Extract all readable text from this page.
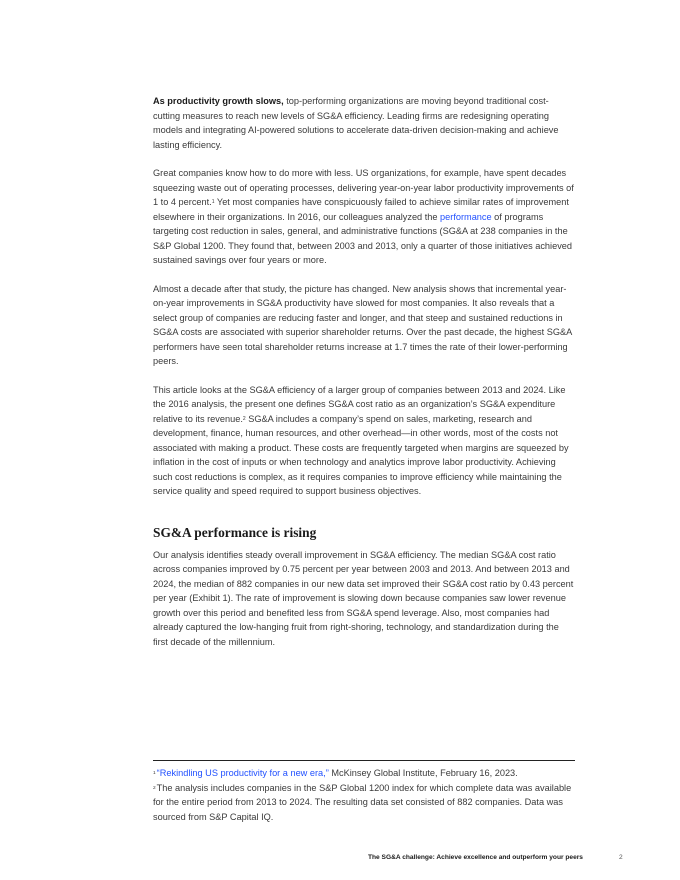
As productivity growth slows, top-performing organizations are moving beyond traditional cost-cutting measures to reach new levels of SG&A efficiency. Leading firms are redesigning operating models and integrating AI-powered solutions to accelerate data-driven decision-making and achieve lasting efficiency.

Great companies know how to do more with less. US organizations, for example, have spent decades squeezing waste out of operating processes, delivering year-on-year labor productivity improvements of 1 to 4 percent.$^1$ Yet most companies have conspicuously failed to achieve similar rates of improvement elsewhere in their organizations. In 2016, our colleagues analyzed the performance of programs targeting cost reduction in sales, general, and administrative functions (SG&A at 238 companies in the S&P Global 1200. They found that, between 2003 and 2013, only a quarter of those initiatives achieved sustained savings over four years or more.

Almost a decade after that study, the picture has changed. New analysis shows that incremental year-on-year improvements in SG&A productivity have slowed for most companies. It also reveals that a select group of companies are reducing faster and longer, and that steep and sustained reductions in SG&A costs are associated with superior shareholder returns. Over the past decade, the highest SG&A performers have seen total shareholder returns increase at 1.7 times the rate of their lower-performing peers.

This article looks at the SG&A efficiency of a larger group of companies between 2013 and 2024. Like the 2016 analysis, the present one defines SG&A cost ratio as an organization’s SG&A expenditure relative to its revenue.$^2$ SG&A includes a company’s spend on sales, marketing, research and development, finance, human resources, and other overhead—in other words, most of the costs not associated with making a product. These costs are frequently targeted when margins are squeezed by inflation in the cost of inputs or when technology and analytics improve labor productivity. Achieving such cost reductions is complex, as it requires companies to improve efficiency while maintaining the service quality and speed required to support business objectives.

SG&A performance is rising

Our analysis identifies steady overall improvement in SG&A efficiency. The median SG&A cost ratio across companies improved by 0.75 percent per year between 2003 and 2013. And between 2013 and 2024, the median of 882 companies in our new data set improved their SG&A cost ratio by 0.43 percent per year (Exhibit 1). The rate of improvement is slowing down because companies saw lower revenue growth over this period and benefited less from SG&A spend leverage. Also, most companies had already captured the low-hanging fruit from right-shoring, technology, and standardization during the first decade of the millennium.

$^1$“Rekindling US productivity for a new era,” McKinsey Global Institute, February 16, 2023.

$^2$The analysis includes companies in the S&P Global 1200 index for which complete data was available for the entire period from 2013 to 2024. The resulting data set consisted of 882 companies. Data was sourced from S&P Capital IQ.

The SG&A challenge: Achieve excellence and outperform your peers	2
